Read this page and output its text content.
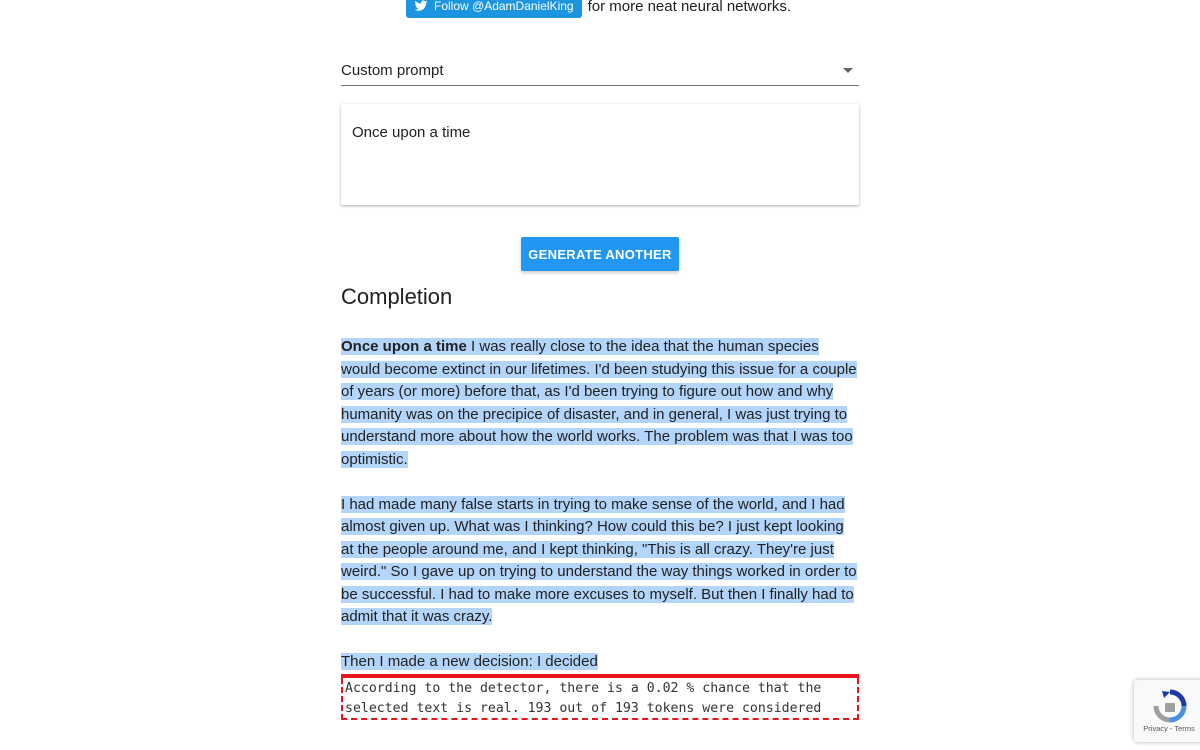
Follow @AdamDanielKing for more neat neural networks.
Custom prompt
Once upon a time
GENERATE ANOTHER
Completion

Once upon a time I was really close to the idea that the human species would become extinct in our lifetimes. I'd been studying this issue for a couple of years (or more) before that, as I'd been trying to figure out how and why humanity was on the precipice of disaster, and in general, I was just trying to understand more about how the world works. The problem was that I was too optimistic.

I had made many false starts in trying to make sense of the world, and I had almost given up. What was I thinking? How could this be? I just kept looking at the people around me, and I kept thinking, "This is all crazy. They're just weird." So I gave up on trying to understand the way things worked in order to be successful. I had to make more excuses to myself. But then I finally had to admit that it was crazy.

Then I made a new decision: I decided

According to the detector, there is a 0.02 % chance that the
selected text is real. 193 out of 193 tokens were considered
Privacy - Terms
